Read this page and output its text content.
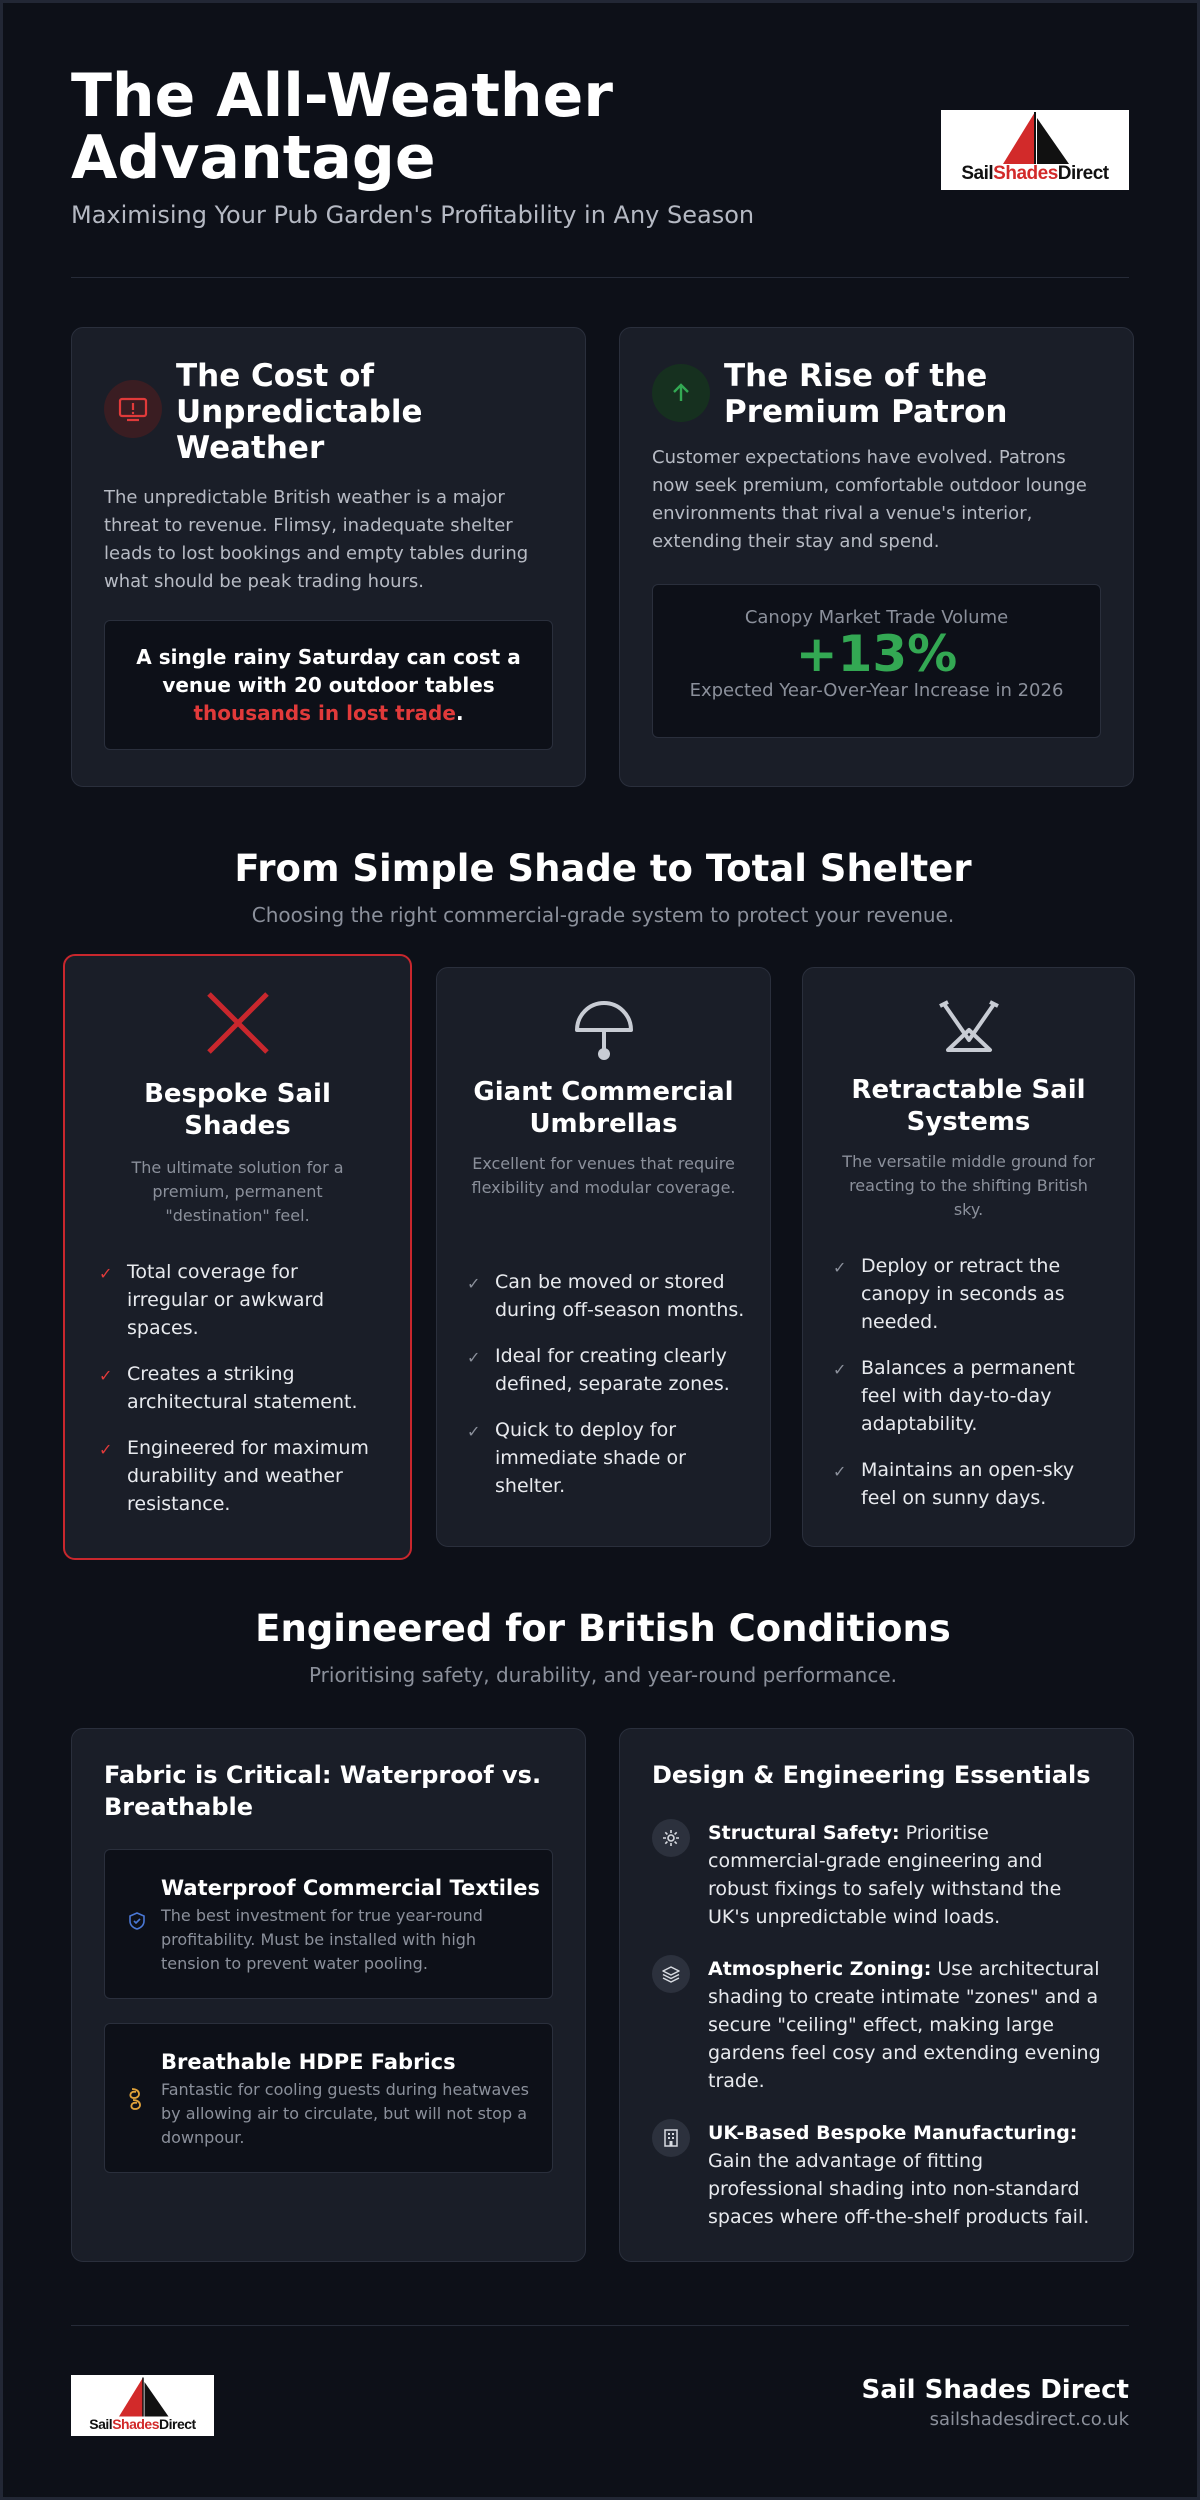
The All-Weather Advantage
Maximising Your Pub Garden's Profitability in Any Season
SailShadesDirect
The Cost of Unpredictable Weather

The unpredictable British weather is a major threat to revenue. Flimsy, inadequate shelter leads to lost bookings and empty tables during what should be peak trading hours.

A single rainy Saturday can cost a venue with 20 outdoor tables thousands in lost trade.
The Rise of the Premium Patron

Customer expectations have evolved. Patrons now seek premium, comfortable outdoor lounge environments that rival a venue's interior, extending their stay and spend.

Canopy Market Trade Volume
+13%
Expected Year-Over-Year Increase in 2026
From Simple Shade to Total Shelter
Choosing the right commercial-grade system to protect your revenue.
Bespoke Sail Shades
The ultimate solution for a premium, permanent "destination" feel.
✓ Total coverage for irregular or awkward spaces.
✓ Creates a striking architectural statement.
✓ Engineered for maximum durability and weather resistance.
Giant Commercial Umbrellas
Excellent for venues that require flexibility and modular coverage.
✓ Can be moved or stored during off-season months.
✓ Ideal for creating clearly defined, separate zones.
✓ Quick to deploy for immediate shade or shelter.
Retractable Sail Systems
The versatile middle ground for reacting to the shifting British sky.
✓ Deploy or retract the canopy in seconds as needed.
✓ Balances a permanent feel with day-to-day adaptability.
✓ Maintains an open-sky feel on sunny days.
Engineered for British Conditions
Prioritising safety, durability, and year-round performance.
Fabric is Critical: Waterproof vs. Breathable
Waterproof Commercial Textiles
The best investment for true year-round profitability. Must be installed with high tension to prevent water pooling.
Breathable HDPE Fabrics
Fantastic for cooling guests during heatwaves by allowing air to circulate, but will not stop a downpour.
Design & Engineering Essentials
Structural Safety: Prioritise commercial-grade engineering and robust fixings to safely withstand the UK's unpredictable wind loads.
Atmospheric Zoning: Use architectural shading to create intimate "zones" and a secure "ceiling" effect, making large gardens feel cosy and extending evening trade.
UK-Based Bespoke Manufacturing: Gain the advantage of fitting professional shading into non-standard spaces where off-the-shelf products fail.
SailShadesDirect
Sail Shades Direct
sailshadesdirect.co.uk
